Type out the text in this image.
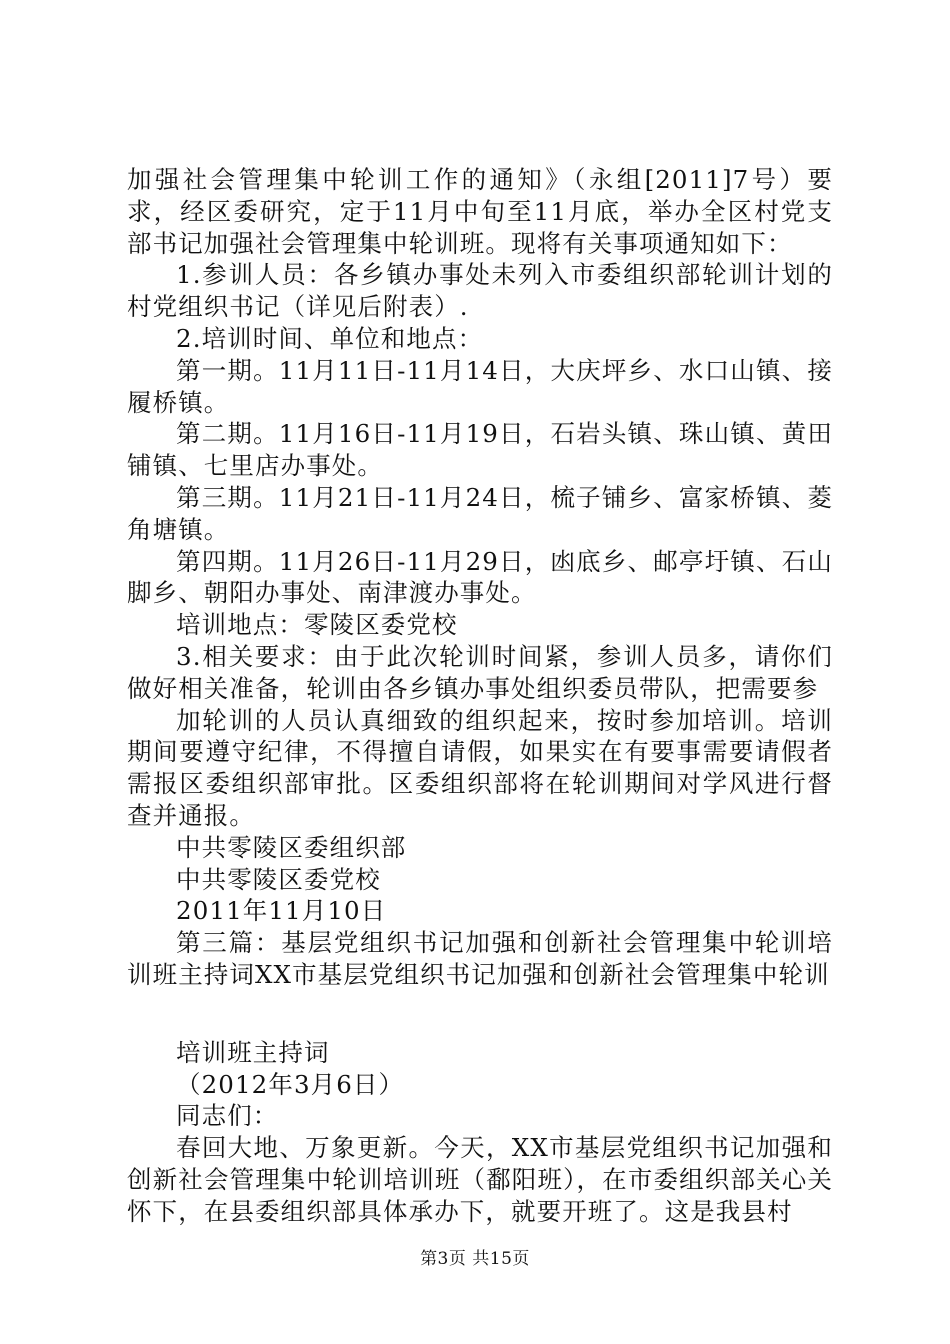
加强社会管理集中轮训工作的通知》（永组[2011]7号）要求，经区委研究，定于11月中旬至11月底，举办全区村党支部书记加强社会管理集中轮训班。现将有关事项通知如下：

1.参训人员：各乡镇办事处未列入市委组织部轮训计划的村党组织书记（详见后附表）.

2.培训时间、单位和地点：

第一期。11月11日-11月14日，大庆坪乡、水口山镇、接履桥镇。

第二期。11月16日-11月19日，石岩头镇、珠山镇、黄田铺镇、七里店办事处。

第三期。11月21日-11月24日，梳子铺乡、富家桥镇、菱角塘镇。

第四期。11月26日-11月29日，凼底乡、邮亭圩镇、石山脚乡、朝阳办事处、南津渡办事处。

培训地点：零陵区委党校

3.相关要求：由于此次轮训时间紧，参训人员多，请你们做好相关准备，轮训由各乡镇办事处组织委员带队，把需要参

加轮训的人员认真细致的组织起来，按时参加培训。培训期间要遵守纪律，不得擅自请假，如果实在有要事需要请假者需报区委组织部审批。区委组织部将在轮训期间对学风进行督查并通报。

中共零陵区委组织部

中共零陵区委党校

2011年11月10日

第三篇：基层党组织书记加强和创新社会管理集中轮训培训班主持词XX市基层党组织书记加强和创新社会管理集中轮训

培训班主持词

（2012年3月6日）

同志们：

春回大地、万象更新。今天，XX市基层党组织书记加强和创新社会管理集中轮训培训班（鄱阳班），在市委组织部关心关怀下，在县委组织部具体承办下，就要开班了。这是我县村

第3页 共15页
